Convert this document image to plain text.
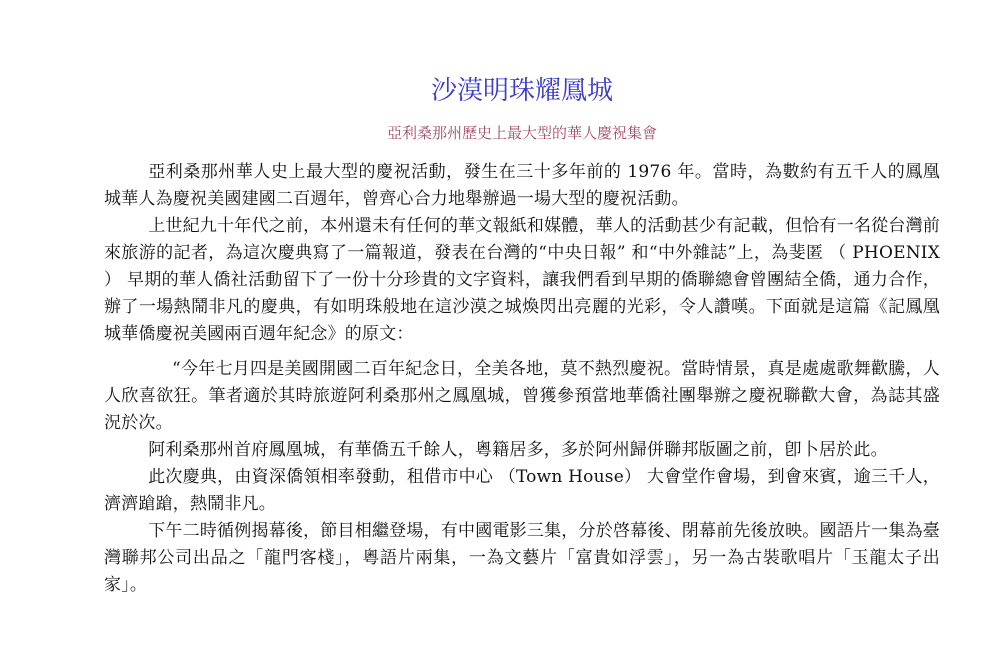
沙漠明珠耀鳳城
亞利桑那州歷史上最大型的華人慶祝集會

亞利桑那州華人史上最大型的慶祝活動，發生在三十多年前的 1976 年。當時，為數約有五千人的鳳凰城華人為慶祝美國建國二百週年，曾齊心合力地舉辦過一場大型的慶祝活動。

上世紀九十年代之前，本州還未有任何的華文報紙和媒體，華人的活動甚少有記載，但恰有一名從台灣前來旅游的記者，為這次慶典寫了一篇報道，發表在台灣的“中央日報” 和“中外雜誌”上，為斐匿 （ PHOENIX ） 早期的華人僑社活動留下了一份十分珍貴的文字資料，讓我們看到早期的僑聯總會曾團結全僑，通力合作，辦了一場熱鬧非凡的慶典，有如明珠般地在這沙漠之城煥閃出亮麗的光彩，令人讚嘆。下面就是這篇《記鳳凰城華僑慶祝美國兩百週年紀念》的原文：

“今年七月四是美國開國二百年紀念日，全美各地，莫不熱烈慶祝。當時情景，真是處處歌舞歡騰，人人欣喜欲狂。筆者適於其時旅遊阿利桑那州之鳳凰城，曾獲參預當地華僑社團舉辦之慶祝聯歡大會，為誌其盛況於次。

阿利桑那州首府鳳凰城，有華僑五千餘人，粵籍居多，多於阿州歸併聯邦版圖之前，卽卜居於此。

此次慶典，由資深僑領相率發動，租借市中心 （Town House） 大會堂作會場，到會來賓，逾三千人，濟濟蹌蹌，熱鬧非凡。

下午二時循例揭幕後，節目相繼登場，有中國電影三集，分於啓幕後、閉幕前先後放映。國語片一集為臺灣聯邦公司出品之「龍門客棧」，粵語片兩集，一為文藝片「富貴如浮雲」，另一為古裝歌唱片「玉龍太子出家」。
